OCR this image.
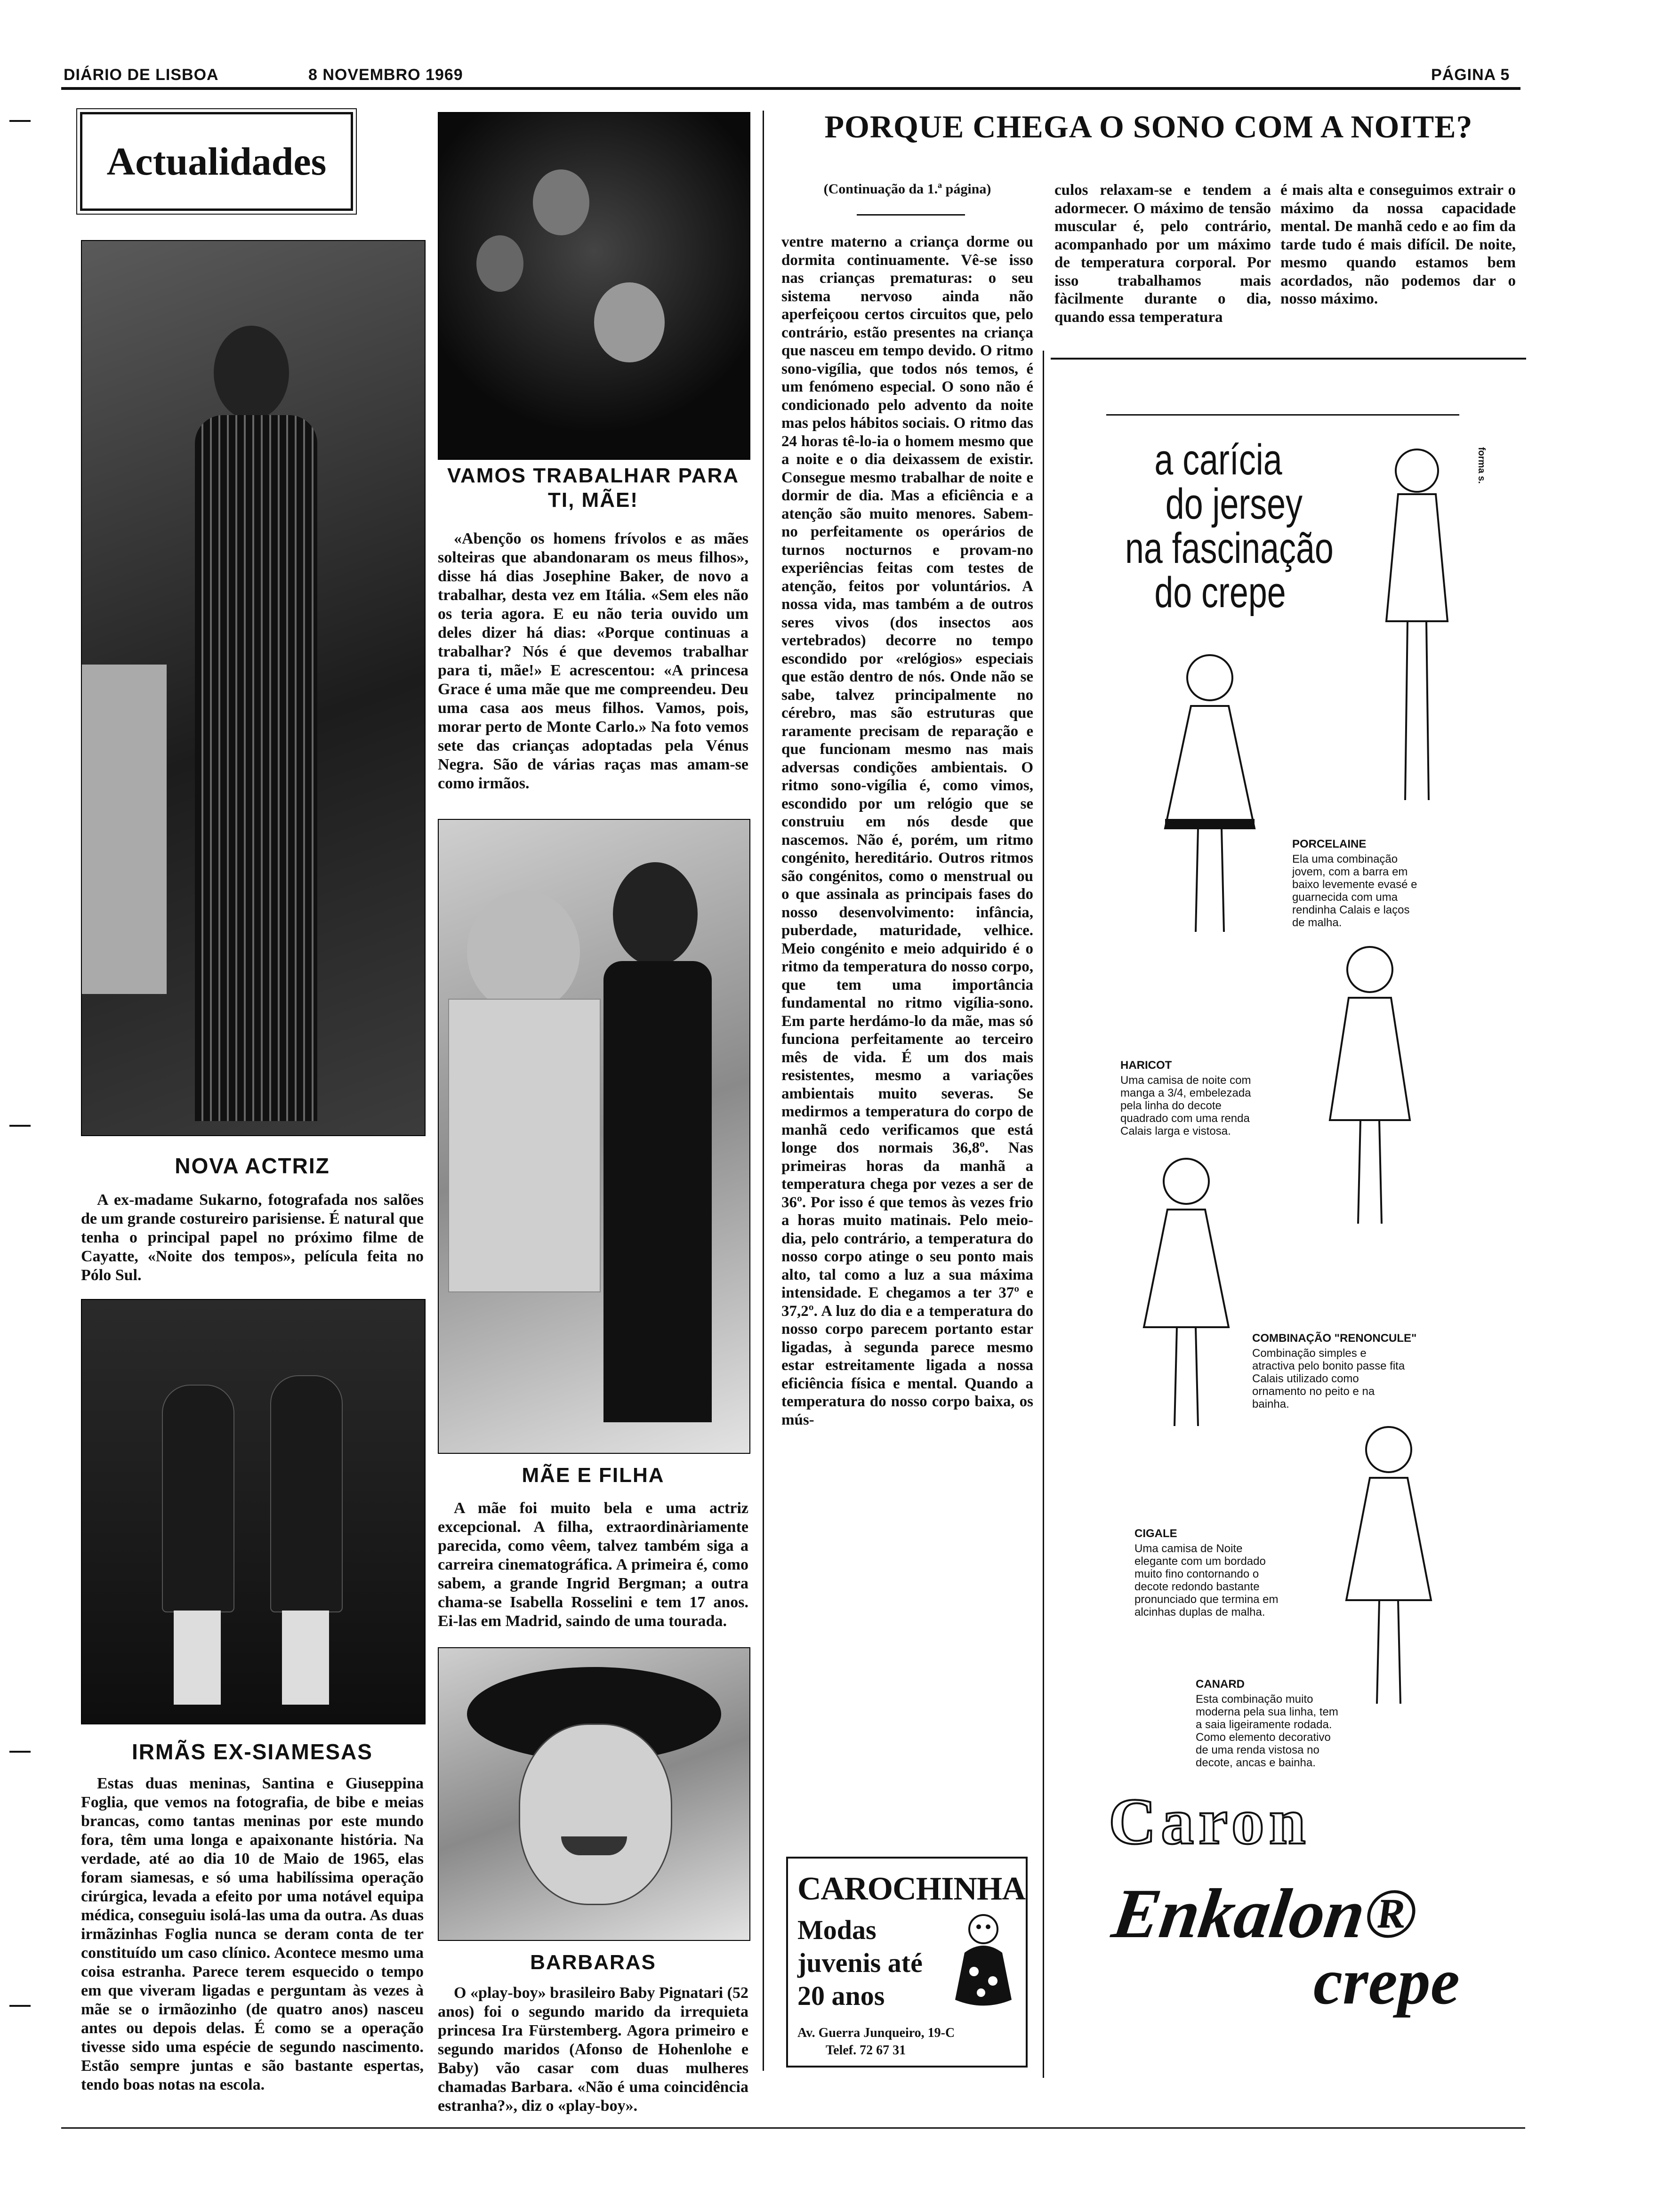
DIÁRIO DE LISBOA	8 NOVEMBRO 1969	PÁGINA 5
Actualidades
NOVA ACTRIZ

A ex-madame Sukarno, fotografada nos salões de um grande costureiro parisiense. É natural que tenha o principal papel no próximo filme de Cayatte, «Noite dos tempos», película feita no Pólo Sul.

IRMÃS EX-SIAMESAS

Estas duas meninas, Santina e Giuseppina Foglia, que vemos na fotografia, de bibe e meias brancas, como tantas meninas por este mundo fora, têm uma longa e apaixonante história. Na verdade, até ao dia 10 de Maio de 1965, elas foram siamesas, e só uma habilíssima operação cirúrgica, levada a efeito por uma notável equipa médica, conseguiu isolá-las uma da outra. As duas irmãzinhas Foglia nunca se deram conta de ter constituído um caso clínico. Acontece mesmo uma coisa estranha. Parece terem esquecido o tempo em que viveram ligadas e perguntam às vezes à mãe se o irmãozinho (de quatro anos) nasceu antes ou depois delas. É como se a operação tivesse sido uma espécie de segundo nascimento. Estão sempre juntas e são bastante espertas, tendo boas notas na escola.

VAMOS TRABALHAR PARA TI, MÃE!

«Abençõo os homens frívolos e as mães solteiras que abandonaram os meus filhos», disse há dias Josephine Baker, de novo a trabalhar, desta vez em Itália. «Sem eles não os teria agora. E eu não teria ouvido um deles dizer há dias: «Porque continuas a trabalhar? Nós é que devemos trabalhar para ti, mãe!» E acrescentou: «A princesa Grace é uma mãe que me compreendeu. Deu uma casa aos meus filhos. Vamos, pois, morar perto de Monte Carlo.» Na foto vemos sete das crianças adoptadas pela Vénus Negra. São de várias raças mas amam-se como irmãos.

MÃE E FILHA

A mãe foi muito bela e uma actriz excepcional. A filha, extraordinàriamente parecida, como vêem, talvez também siga a carreira cinematográfica. A primeira é, como sabem, a grande Ingrid Bergman; a outra chama-se Isabella Rosselini e tem 17 anos. Ei-las em Madrid, saindo de uma tourada.

BARBARAS

O «play-boy» brasileiro Baby Pignatari (52 anos) foi o segundo marido da irrequieta princesa Ira Fürstemberg. Agora primeiro e segundo maridos (Afonso de Hohenlohe e Baby) vão casar com duas mulheres chamadas Barbara. «Não é uma coincidência estranha?», diz o «play-boy».

PORQUE CHEGA O SONO COM A NOITE?
(Continuação da 1.ª página)

ventre materno a criança dorme ou dormita continuamente. Vê-se isso nas crianças prematuras: o seu sistema nervoso ainda não aperfeiçoou certos circuitos que, pelo contrário, estão presentes na criança que nasceu em tempo devido. O ritmo sono-vigília, que todos nós temos, é um fenómeno especial. O sono não é condicionado pelo advento da noite mas pelos hábitos sociais. O ritmo das 24 horas tê-lo-ia o homem mesmo que a noite e o dia deixassem de existir. Consegue mesmo trabalhar de noite e dormir de dia. Mas a eficiência e a atenção são muito menores. Sabem-no perfeitamente os operários de turnos nocturnos e provam-no experiências feitas com testes de atenção, feitos por voluntários. A nossa vida, mas também a de outros seres vivos (dos insectos aos vertebrados) decorre no tempo escondido por «relógios» especiais que estão dentro de nós. Onde não se sabe, talvez principalmente no cérebro, mas são estruturas que raramente precisam de reparação e que funcionam mesmo nas mais adversas condições ambientais. O ritmo sono-vigília é, como vimos, escondido por um relógio que se construiu em nós desde que nascemos. Não é, porém, um ritmo congénito, hereditário. Outros ritmos são congénitos, como o menstrual ou o que assinala as principais fases do nosso desenvolvimento: infância, puberdade, maturidade, velhice. Meio congénito e meio adquirido é o ritmo da temperatura do nosso corpo, que tem uma importância fundamental no ritmo vigília-sono. Em parte herdámo-lo da mãe, mas só funciona perfeitamente ao terceiro mês de vida. É um dos mais resistentes, mesmo a variações ambientais muito severas. Se medirmos a temperatura do corpo de manhã cedo verificamos que está longe dos normais 36,8º. Nas primeiras horas da manhã a temperatura chega por vezes a ser de 36º. Por isso é que temos às vezes frio a horas muito matinais. Pelo meio-dia, pelo contrário, a temperatura do nosso corpo atinge o seu ponto mais alto, tal como a luz a sua máxima intensidade. E chegamos a ter 37º e 37,2º. A luz do dia e a temperatura do nosso corpo parecem portanto estar ligadas, à segunda parece mesmo estar estreitamente ligada a nossa eficiência física e mental. Quando a temperatura do nosso corpo baixa, os mús-

culos relaxam-se e tendem a adormecer. O máximo de tensão muscular é, pelo contrário, acompanhado por um máximo de temperatura corporal. Por isso trabalhamos mais fàcilmente durante o dia, quando essa temperatura

é mais alta e conseguimos extrair o máximo da nossa capacidade mental. De manhã cedo e ao fim da tarde tudo é mais difícil. De noite, mesmo quando estamos bem acordados, não podemos dar o nosso máximo.

CAROCHINHA
Modas
juvenis até
20 anos
Av. Guerra Junqueiro, 19-C
Telef. 72 67 31
a carícia
do jersey
na fascinação
do crepe
forma s.
PORCELAINE
Ela uma combinação jovem, com a barra em baixo levemente evasé e guarnecida com uma rendinha Calais e laços de malha.
HARICOT
Uma camisa de noite com manga a 3/4, embelezada pela linha do decote quadrado com uma renda Calais larga e vistosa.
COMBINAÇÃO "RENONCULE"
Combinação simples e atractiva pelo bonito passe fita Calais utilizado como ornamento no peito e na bainha.
CIGALE
Uma camisa de Noite elegante com um bordado muito fino contornando o decote redondo bastante pronunciado que termina em alcinhas duplas de malha.
CANARD
Esta combinação muito moderna pela sua linha, tem a saia ligeiramente rodada. Como elemento decorativo de uma renda vistosa no decote, ancas e bainha.
Caron
Enkalon®
crepe
